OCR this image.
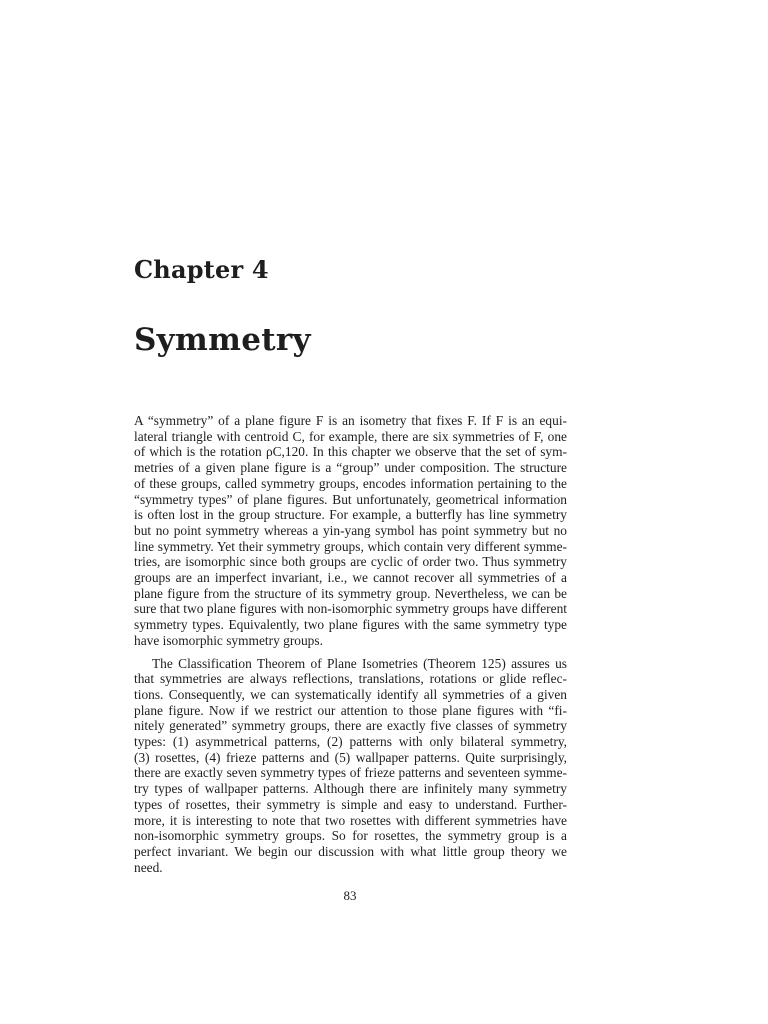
Chapter 4
Symmetry

A “symmetry” of a plane figure F is an isometry that fixes F. If F is an equi-
lateral triangle with centroid C, for example, there are six symmetries of F, one
of which is the rotation ρC,120. In this chapter we observe that the set of sym-
metries of a given plane figure is a “group” under composition. The structure
of these groups, called symmetry groups, encodes information pertaining to the
“symmetry types” of plane figures. But unfortunately, geometrical information
is often lost in the group structure. For example, a butterfly has line symmetry
but no point symmetry whereas a yin-yang symbol has point symmetry but no
line symmetry. Yet their symmetry groups, which contain very different symme-
tries, are isomorphic since both groups are cyclic of order two. Thus symmetry
groups are an imperfect invariant, i.e., we cannot recover all symmetries of a
plane figure from the structure of its symmetry group. Nevertheless, we can be
sure that two plane figures with non-isomorphic symmetry groups have different
symmetry types. Equivalently, two plane figures with the same symmetry type
have isomorphic symmetry groups.

The Classification Theorem of Plane Isometries (Theorem 125) assures us
that symmetries are always reflections, translations, rotations or glide reflec-
tions. Consequently, we can systematically identify all symmetries of a given
plane figure. Now if we restrict our attention to those plane figures with “fi-
nitely generated” symmetry groups, there are exactly five classes of symmetry
types: (1) asymmetrical patterns, (2) patterns with only bilateral symmetry,
(3) rosettes, (4) frieze patterns and (5) wallpaper patterns. Quite surprisingly,
there are exactly seven symmetry types of frieze patterns and seventeen symme-
try types of wallpaper patterns. Although there are infinitely many symmetry
types of rosettes, their symmetry is simple and easy to understand. Further-
more, it is interesting to note that two rosettes with different symmetries have
non-isomorphic symmetry groups. So for rosettes, the symmetry group is a
perfect invariant. We begin our discussion with what little group theory we
need.

83
